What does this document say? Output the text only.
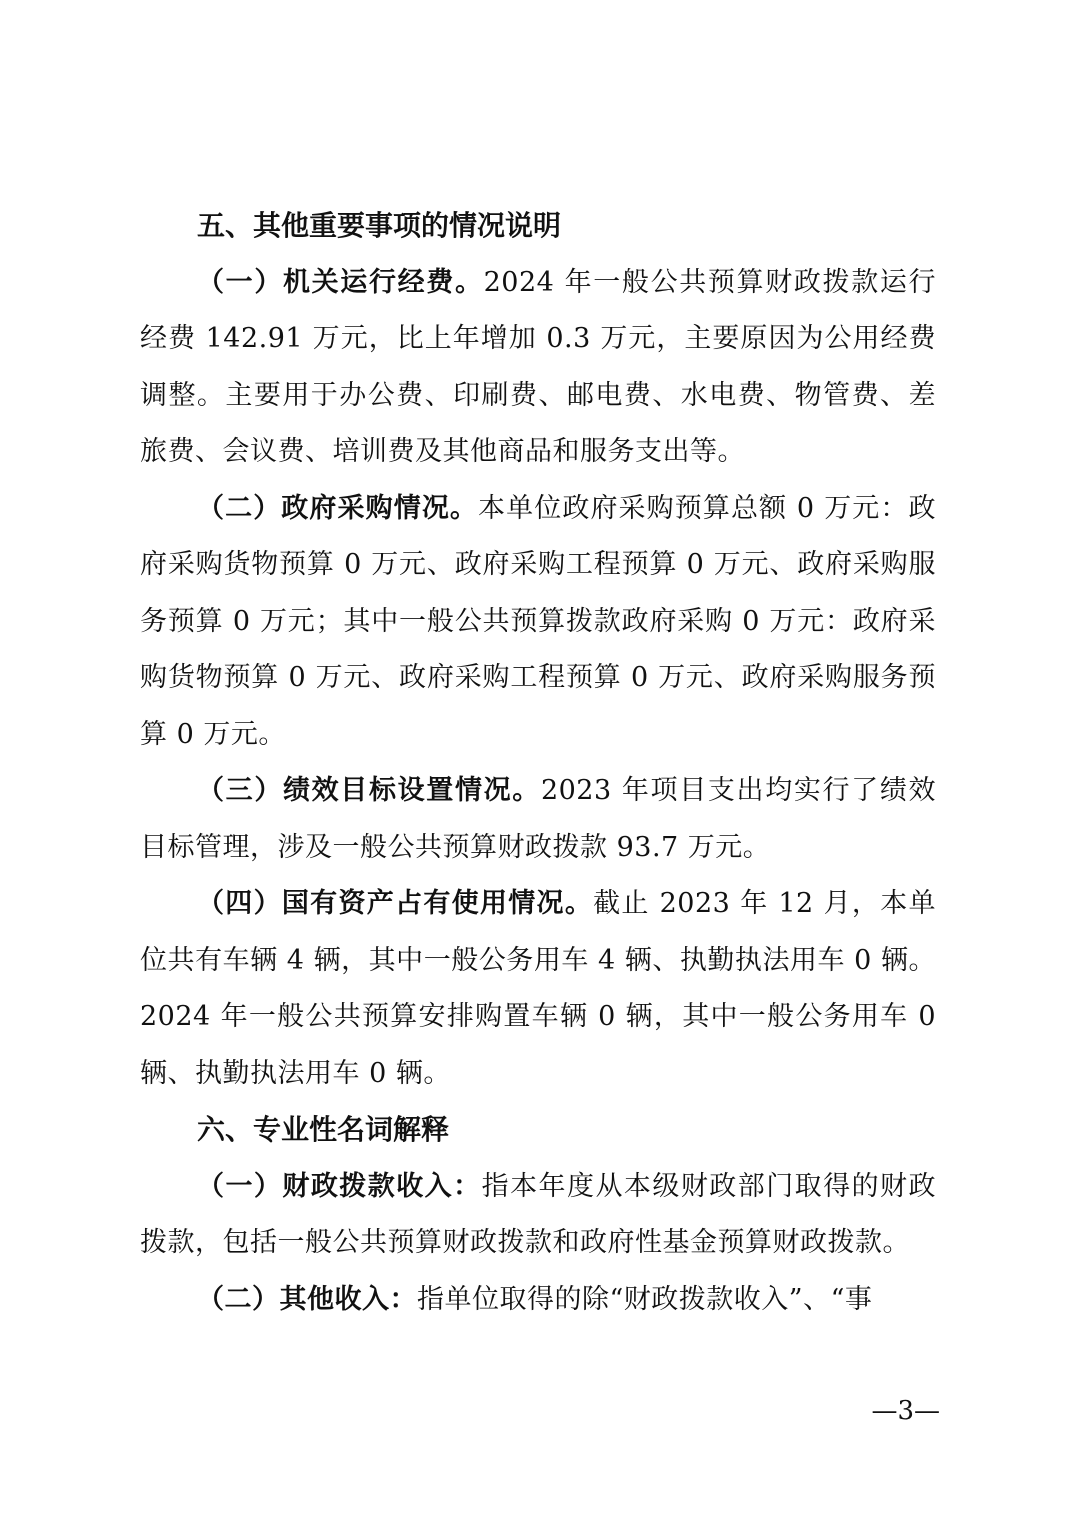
五、其他重要事项的情况说明

（一）机关运行经费。2024 年一般公共预算财政拨款运行经费 142.91 万元，比上年增加 0.3 万元，主要原因为公用经费调整。主要用于办公费、印刷费、邮电费、水电费、物管费、差旅费、会议费、培训费及其他商品和服务支出等。

（二）政府采购情况。本单位政府采购预算总额 0 万元：政府采购货物预算 0 万元、政府采购工程预算 0 万元、政府采购服务预算 0 万元；其中一般公共预算拨款政府采购 0 万元：政府采购货物预算 0 万元、政府采购工程预算 0 万元、政府采购服务预算 0 万元。

（三）绩效目标设置情况。2023 年项目支出均实行了绩效目标管理，涉及一般公共预算财政拨款 93.7 万元。

（四）国有资产占有使用情况。截止 2023 年 12 月，本单位共有车辆 4 辆，其中一般公务用车 4 辆、执勤执法用车 0 辆。2024 年一般公共预算安排购置车辆 0 辆，其中一般公务用车 0 辆、执勤执法用车 0 辆。

六、专业性名词解释

（一）财政拨款收入：指本年度从本级财政部门取得的财政拨款，包括一般公共预算财政拨款和政府性基金预算财政拨款。

（二）其他收入：指单位取得的除“财政拨款收入”、“事

—3—
